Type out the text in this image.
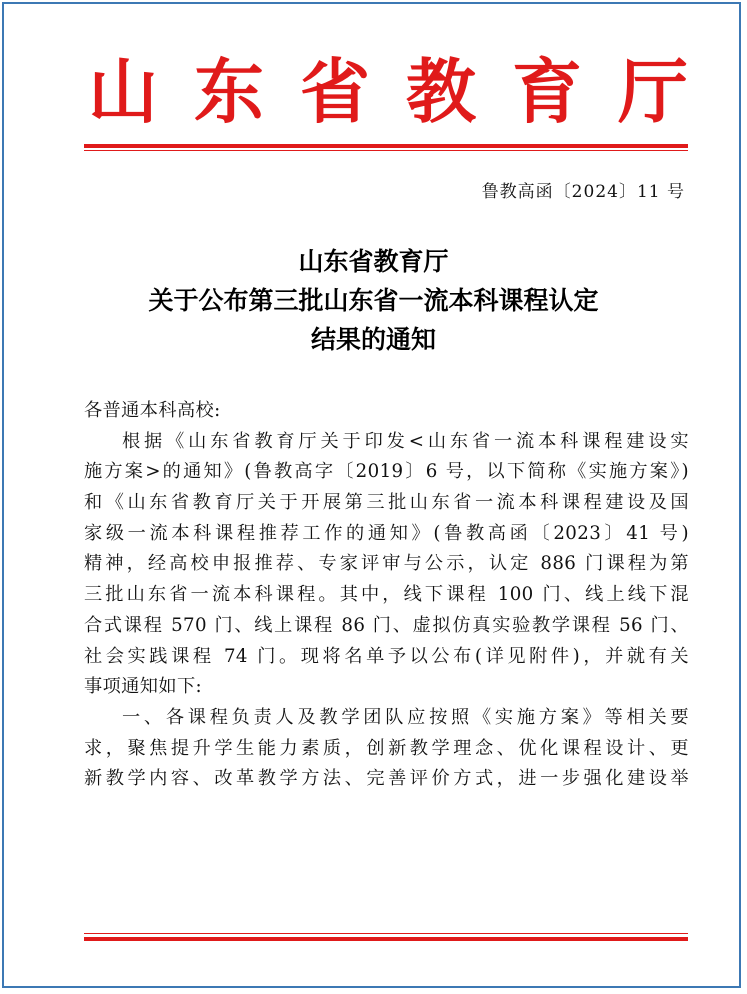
山 东 省 教 育 厅
鲁教高函〔2024〕11 号
山东省教育厅
关于公布第三批山东省一流本科课程认定
结果的通知
各普通本科高校:
根据《山东省教育厅关于印发<山东省一流本科课程建设实
施方案>的通知》(鲁教高字〔2019〕6 号，以下简称《实施方案》)
和《山东省教育厅关于开展第三批山东省一流本科课程建设及国
家级一流本科课程推荐工作的通知》(鲁教高函〔2023〕41 号)
精神，经高校申报推荐、专家评审与公示，认定 886 门课程为第
三批山东省一流本科课程。其中，线下课程 100 门、线上线下混
合式课程 570 门、线上课程 86 门、虚拟仿真实验教学课程 56 门、
社会实践课程 74 门。现将名单予以公布(详见附件)，并就有关
事项通知如下:
一、各课程负责人及教学团队应按照《实施方案》等相关要
求，聚焦提升学生能力素质，创新教学理念、优化课程设计、更
新教学内容、改革教学方法、完善评价方式，进一步强化建设举
